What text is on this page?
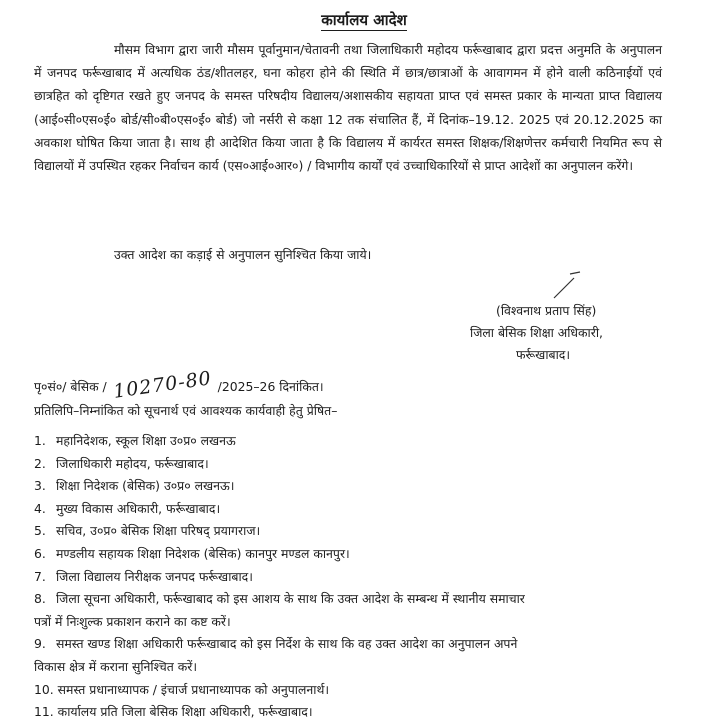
कार्यालय आदेश
मौसम विभाग द्वारा जारी मौसम पूर्वानुमान/चेतावनी तथा जिलाधिकारी महोदय फर्रूखाबाद द्वारा प्रदत्त अनुमति के अनुपालन में जनपद फर्रूखाबाद में अत्यधिक ठंड/शीतलहर, घना कोहरा होने की स्थिति में छात्र/छात्राओं के आवागमन में होने वाली कठिनाईयों एवं छात्रहित को दृष्टिगत रखते हुए जनपद के समस्त परिषदीय विद्यालय/अशासकीय सहायता प्राप्त एवं समस्त प्रकार के मान्यता प्राप्त विद्यालय (आई०सी०एस०ई० बोर्ड/सी०बी०एस०ई० बोर्ड) जो नर्सरी से कक्षा 12 तक संचालित हैं, में दिनांक–19.12. 2025 एवं 20.12.2025 का अवकाश घोषित किया जाता है। साथ ही आदेशित किया जाता है कि विद्यालय में कार्यरत समस्त शिक्षक/शिक्षणेत्तर कर्मचारी नियमित रूप से विद्यालयों में उपस्थित रहकर निर्वाचन कार्य (एस०आई०आर०) / विभागीय कार्यों एवं उच्चाधिकारियों से प्राप्त आदेशों का अनुपालन करेंगे।
उक्त आदेश का कड़ाई से अनुपालन सुनिश्चित किया जाये।
(विश्वनाथ प्रताप सिंह)
जिला बेसिक शिक्षा अधिकारी,
फर्रूखाबाद।
पृ०सं०/ बेसिक / 10270-80 /2025–26 दिनांकित।
प्रतिलिपि–निम्नांकित को सूचनार्थ एवं आवश्यक कार्यवाही हेतु प्रेषित–
1. महानिदेशक, स्कूल शिक्षा उ०प्र० लखनऊ
2. जिलाधिकारी महोदय, फर्रूखाबाद।
3. शिक्षा निदेशक (बेसिक) उ०प्र० लखनऊ।
4. मुख्य विकास अधिकारी, फर्रूखाबाद।
5. सचिव, उ०प्र० बेसिक शिक्षा परिषद् प्रयागराज।
6. मण्डलीय सहायक शिक्षा निदेशक (बेसिक) कानपुर मण्डल कानपुर।
7. जिला विद्यालय निरीक्षक जनपद फर्रूखाबाद।
8. जिला सूचना अधिकारी, फर्रूखाबाद को इस आशय के साथ कि उक्त आदेश के सम्बन्ध में स्थानीय समाचार
पत्रों में निःशुल्क प्रकाशन कराने का कष्ट करें।
9. समस्त खण्ड शिक्षा अधिकारी फर्रूखाबाद को इस निर्देश के साथ कि वह उक्त आदेश का अनुपालन अपने
विकास क्षेत्र में कराना सुनिश्चित करें।
10. समस्त प्रधानाध्यापक / इंचार्ज प्रधानाध्यापक को अनुपालनार्थ।
11. कार्यालय प्रति जिला बेसिक शिक्षा अधिकारी, फर्रूखाबाद।
